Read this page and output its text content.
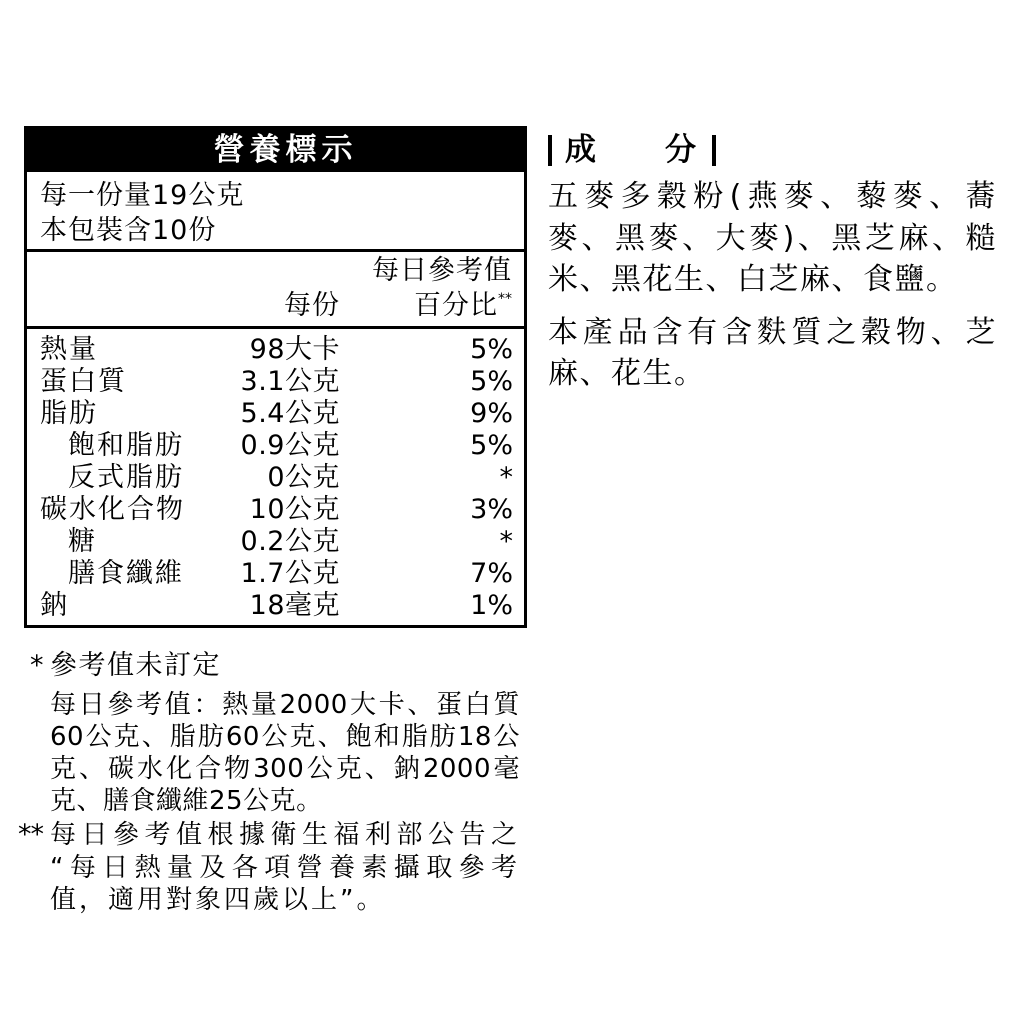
營養標示
每一份量19公克
本包裝含10份
每日參考值
每份	百分比**
熱量	98大卡	5%
蛋白質	3.1公克	5%
脂肪	5.4公克	9%
飽和脂肪 0.9公克	5%
反式脂肪	0公克	*
碳水化合物 10公克	3%
糖	0.2公克	*
膳食纖維 1.7公克	7%
鈉	18毫克	1%
* 參考值未訂定
每日參考值：熱量2000大卡、蛋白質
60公克、脂肪60公克、飽和脂肪18公
克、碳水化合物300公克、鈉2000毫
克、膳食纖維25公克。
** 每日參考值根據衛生福利部公告之
“每日熱量及各項營養素攝取參考
值，適用對象四歲以上”。
成 分
五麥多穀粉(燕麥、藜麥、蕎
麥、黑麥、大麥)、黑芝麻、糙
米、黑花生、白芝麻、食鹽。
本產品含有含麩質之穀物、芝
麻、花生。
